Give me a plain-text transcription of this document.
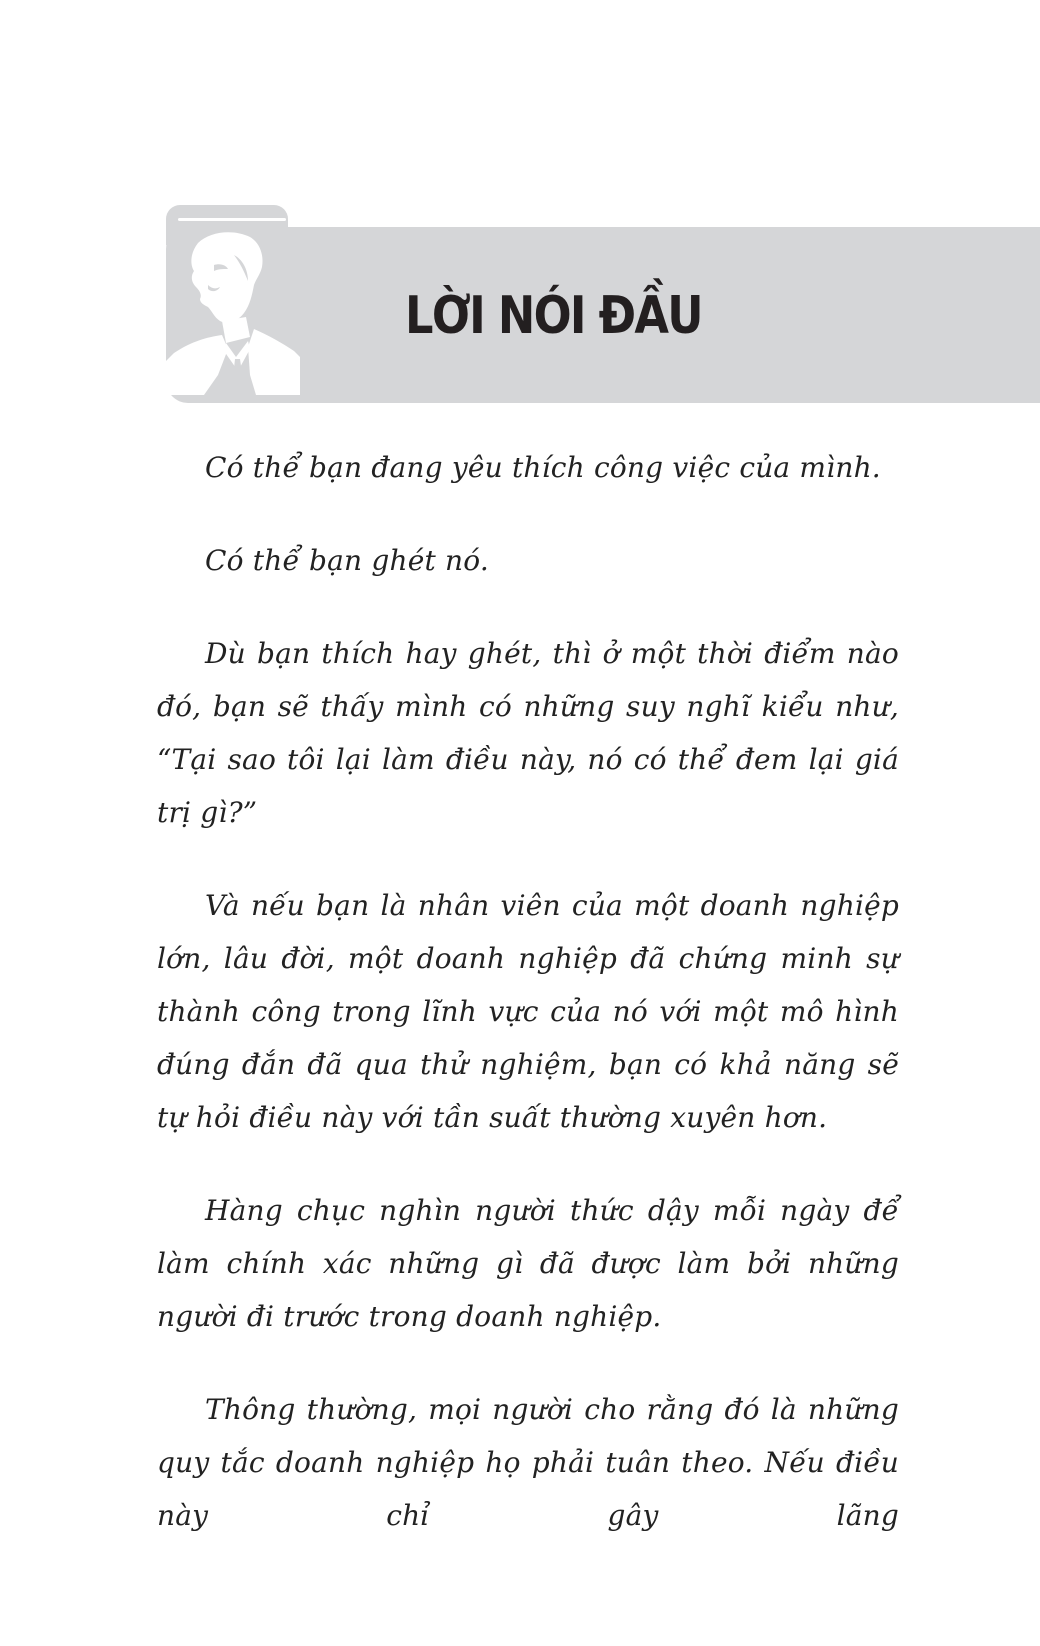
LỜI NÓI ĐẦU

Có thể bạn đang yêu thích công việc của mình.

Có thể bạn ghét nó.

Dù bạn thích hay ghét, thì ở một thời điểm nào đó, bạn sẽ thấy mình có những suy nghĩ kiểu như, “Tại sao tôi lại làm điều này, nó có thể đem lại giá trị gì?”

Và nếu bạn là nhân viên của một doanh nghiệp lớn, lâu đời, một doanh nghiệp đã chứng minh sự thành công trong lĩnh vực của nó với một mô hình đúng đắn đã qua thử nghiệm, bạn có khả năng sẽ tự hỏi điều này với tần suất thường xuyên hơn.

Hàng chục nghìn người thức dậy mỗi ngày để làm chính xác những gì đã được làm bởi những người đi trước trong doanh nghiệp.

Thông thường, mọi người cho rằng đó là những quy tắc doanh nghiệp họ phải tuân theo. Nếu điều này chỉ gây lãng
